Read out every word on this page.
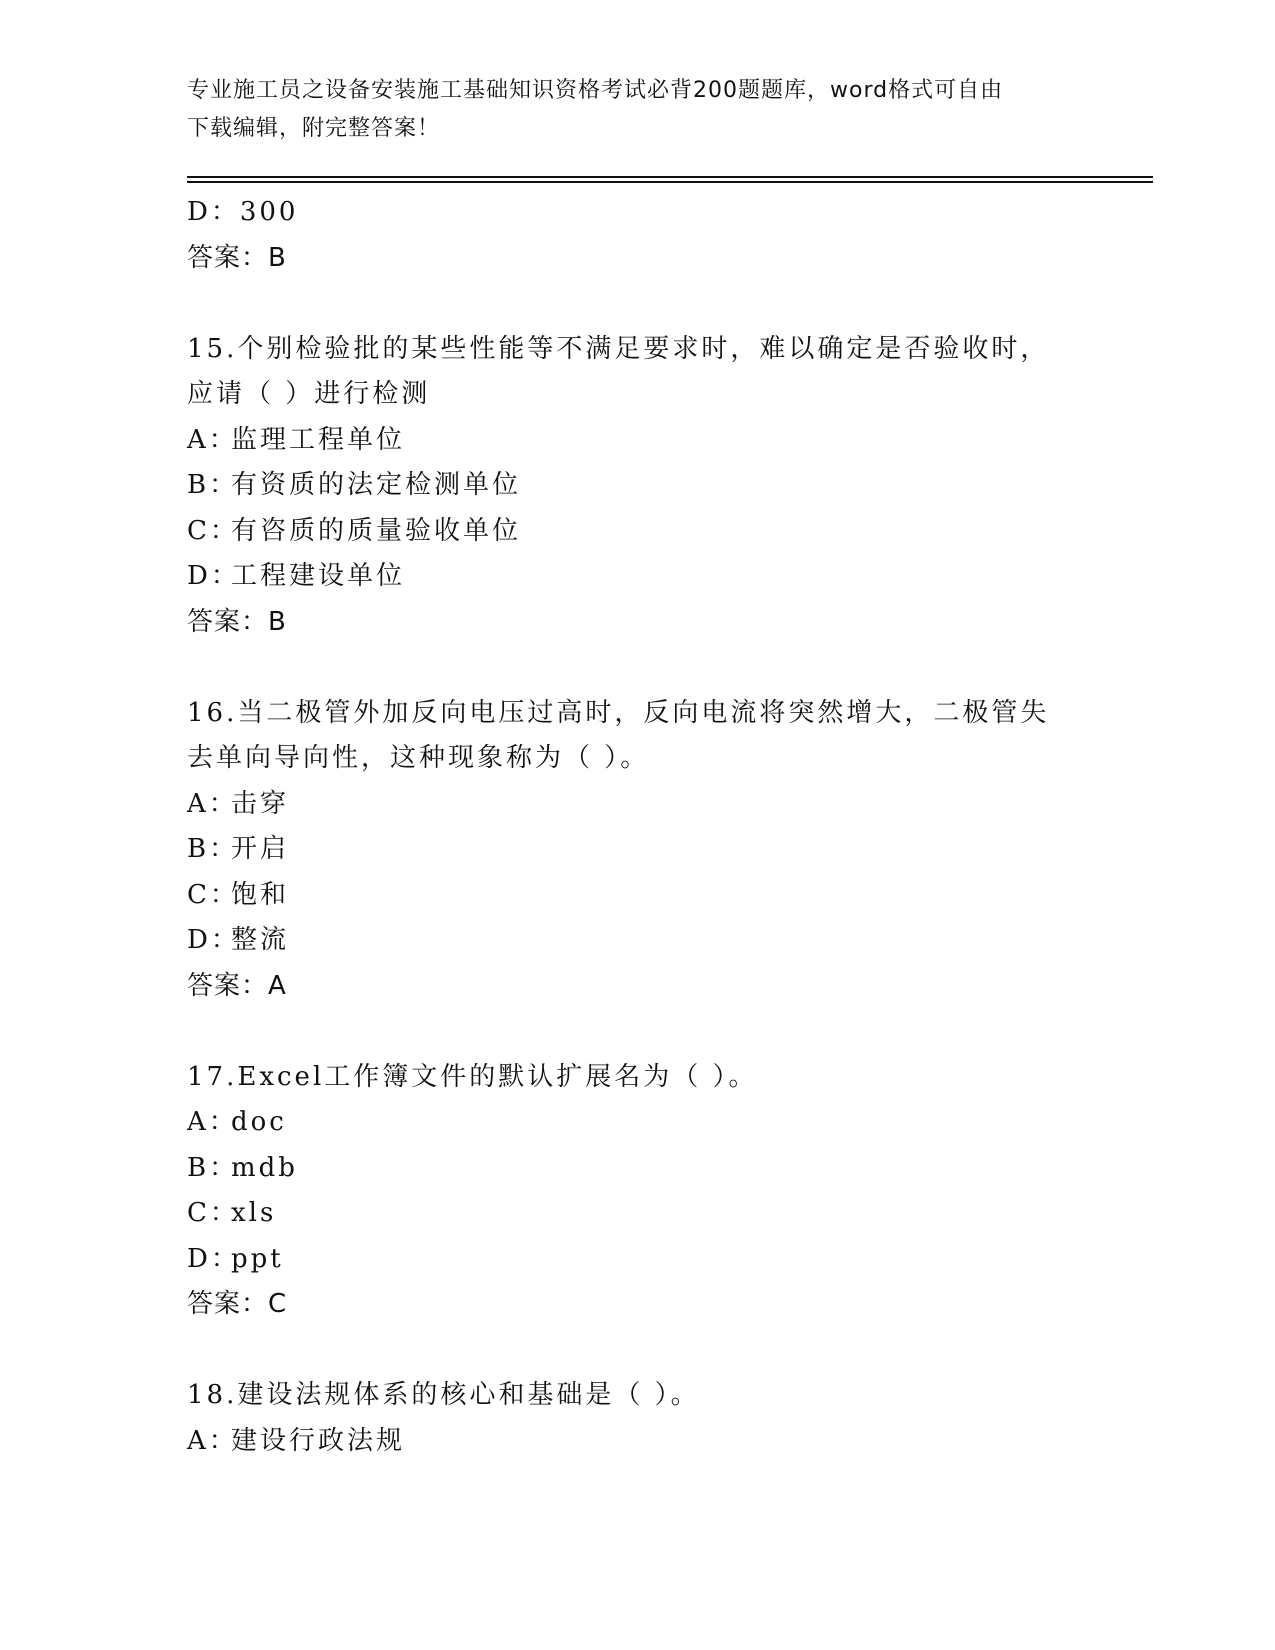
专业施工员之设备安装施工基础知识资格考试必背200题题库，word格式可自由
下载编辑，附完整答案！
D：300
答案：B
15.个别检验批的某些性能等不满足要求时，难以确定是否验收时，应请（ ）进行检测
A：监理工程单位
B：有资质的法定检测单位
C：有咨质的质量验收单位
D：工程建设单位
答案：B
16.当二极管外加反向电压过高时，反向电流将突然增大，二极管失去单向导向性，这种现象称为（ ）。
A：击穿
B：开启
C：饱和
D：整流
答案：A
17.Excel工作簿文件的默认扩展名为（ ）。
A：doc
B：mdb
C：xls
D：ppt
答案：C
18.建设法规体系的核心和基础是（ ）。
A：建设行政法规
